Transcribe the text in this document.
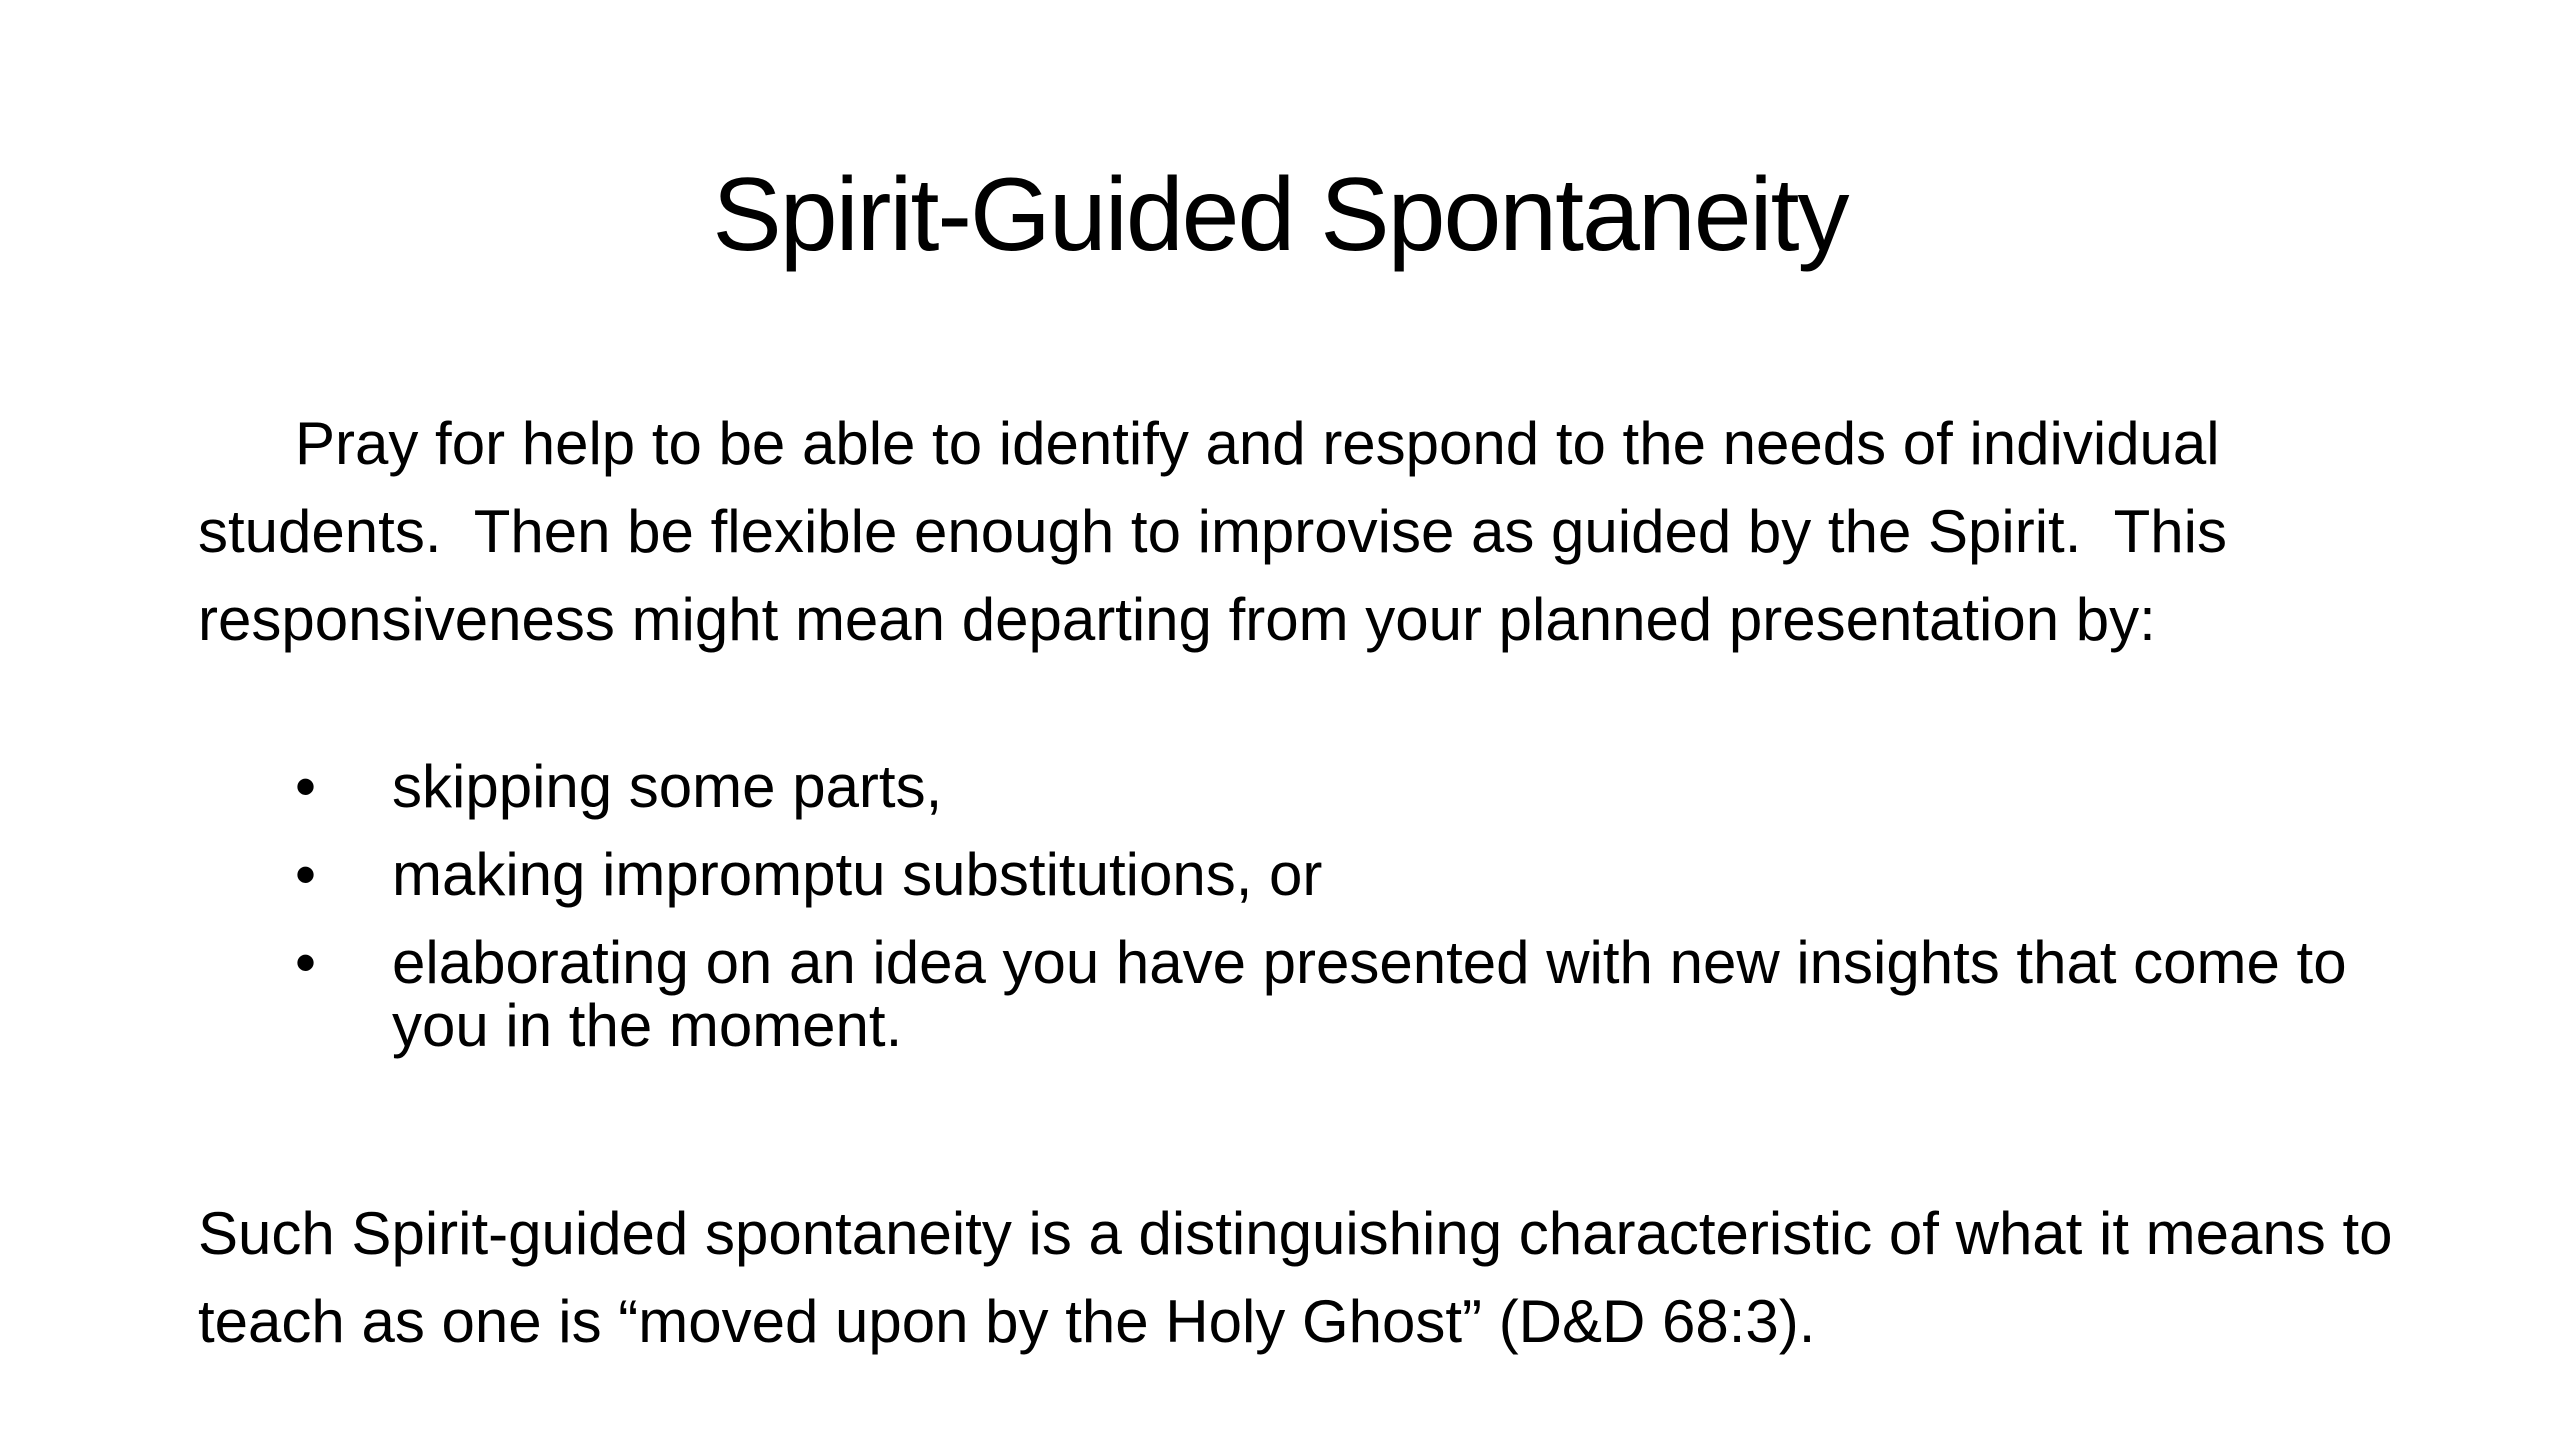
Spirit-Guided Spontaneity
Pray for help to be able to identify and respond to the needs of individual students.  Then be flexible enough to improvise as guided by the Spirit.  This responsiveness might mean departing from your planned presentation by:
•	skipping some parts,
•	making impromptu substitutions, or
•	elaborating on an idea you have presented with new insights that come to you in the moment.
Such Spirit-guided spontaneity is a distinguishing characteristic of what it means to teach as one is “moved upon by the Holy Ghost” (D&D 68:3).
